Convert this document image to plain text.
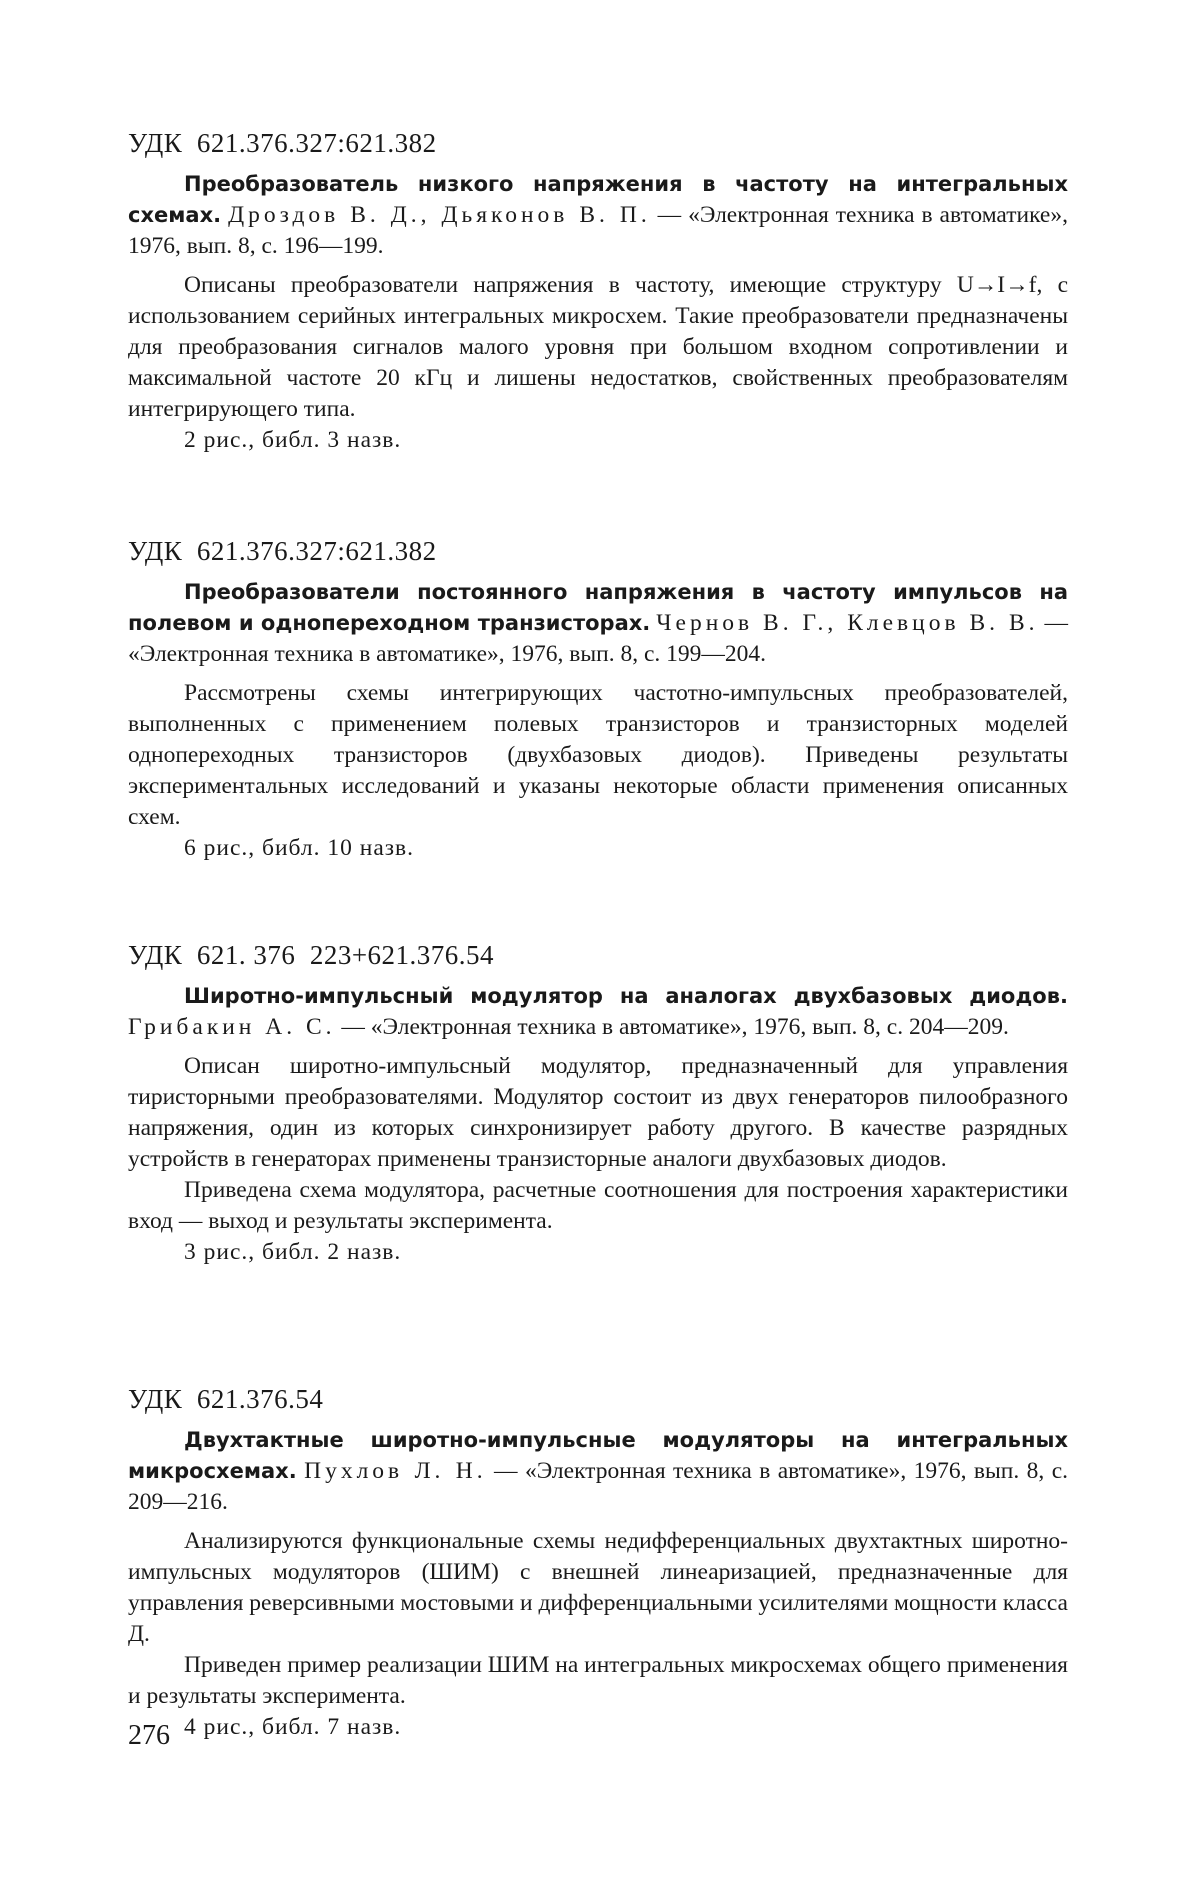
УДК  621.376.327:621.382

Преобразователь низкого напряжения в частоту на интегральных схемах. Дроздов В. Д., Дьяконов В. П. — «Электронная техника в автоматике», 1976, вып. 8, с. 196—199.

Описаны преобразователи напряжения в частоту, имеющие структуру U→I→f, с использованием серийных интегральных микросхем. Такие преобразователи предназначены для преобразования сигналов малого уровня при большом входном сопротивлении и максимальной частоте 20 кГц и лишены недостатков, свойственных преобразователям интегрирующего типа.

2 рис., библ. 3 назв.

УДК  621.376.327:621.382

Преобразователи постоянного напряжения в частоту импульсов на полевом и однопереходном транзисторах. Чернов В. Г., Клевцов В. В. — «Электронная техника в автоматике», 1976, вып. 8, с. 199—204.

Рассмотрены схемы интегрирующих частотно-импульсных преобразователей, выполненных с применением полевых транзисторов и транзисторных моделей однопереходных транзисторов (двухбазовых диодов). Приведены результаты экспериментальных исследований и указаны некоторые области применения описанных схем.

6 рис., библ. 10 назв.

УДК  621. 376  223+621.376.54

Широтно-импульсный модулятор на аналогах двухбазовых диодов. Грибакин А. С. — «Электронная техника в автоматике», 1976, вып. 8, с. 204—209.

Описан широтно-импульсный модулятор, предназначенный для управления тиристорными преобразователями. Модулятор состоит из двух генераторов пилообразного напряжения, один из которых синхронизирует работу другого. В качестве разрядных устройств в генераторах применены транзисторные аналоги двухбазовых диодов.

Приведена схема модулятора, расчетные соотношения для построения характеристики вход — выход и результаты эксперимента.

3 рис., библ. 2 назв.

УДК  621.376.54

Двухтактные широтно-импульсные модуляторы на интегральных микросхемах. Пухлов Л. Н. — «Электронная техника в автоматике», 1976, вып. 8, с. 209—216.

Анализируются функциональные схемы недифференциальных двухтактных широтно-импульсных модуляторов (ШИМ) с внешней линеаризацией, предназначенные для управления реверсивными мостовыми и дифференциальными усилителями мощности класса Д.

Приведен пример реализации ШИМ на интегральных микросхемах общего применения и результаты эксперимента.

4 рис., библ. 7 назв.

276
